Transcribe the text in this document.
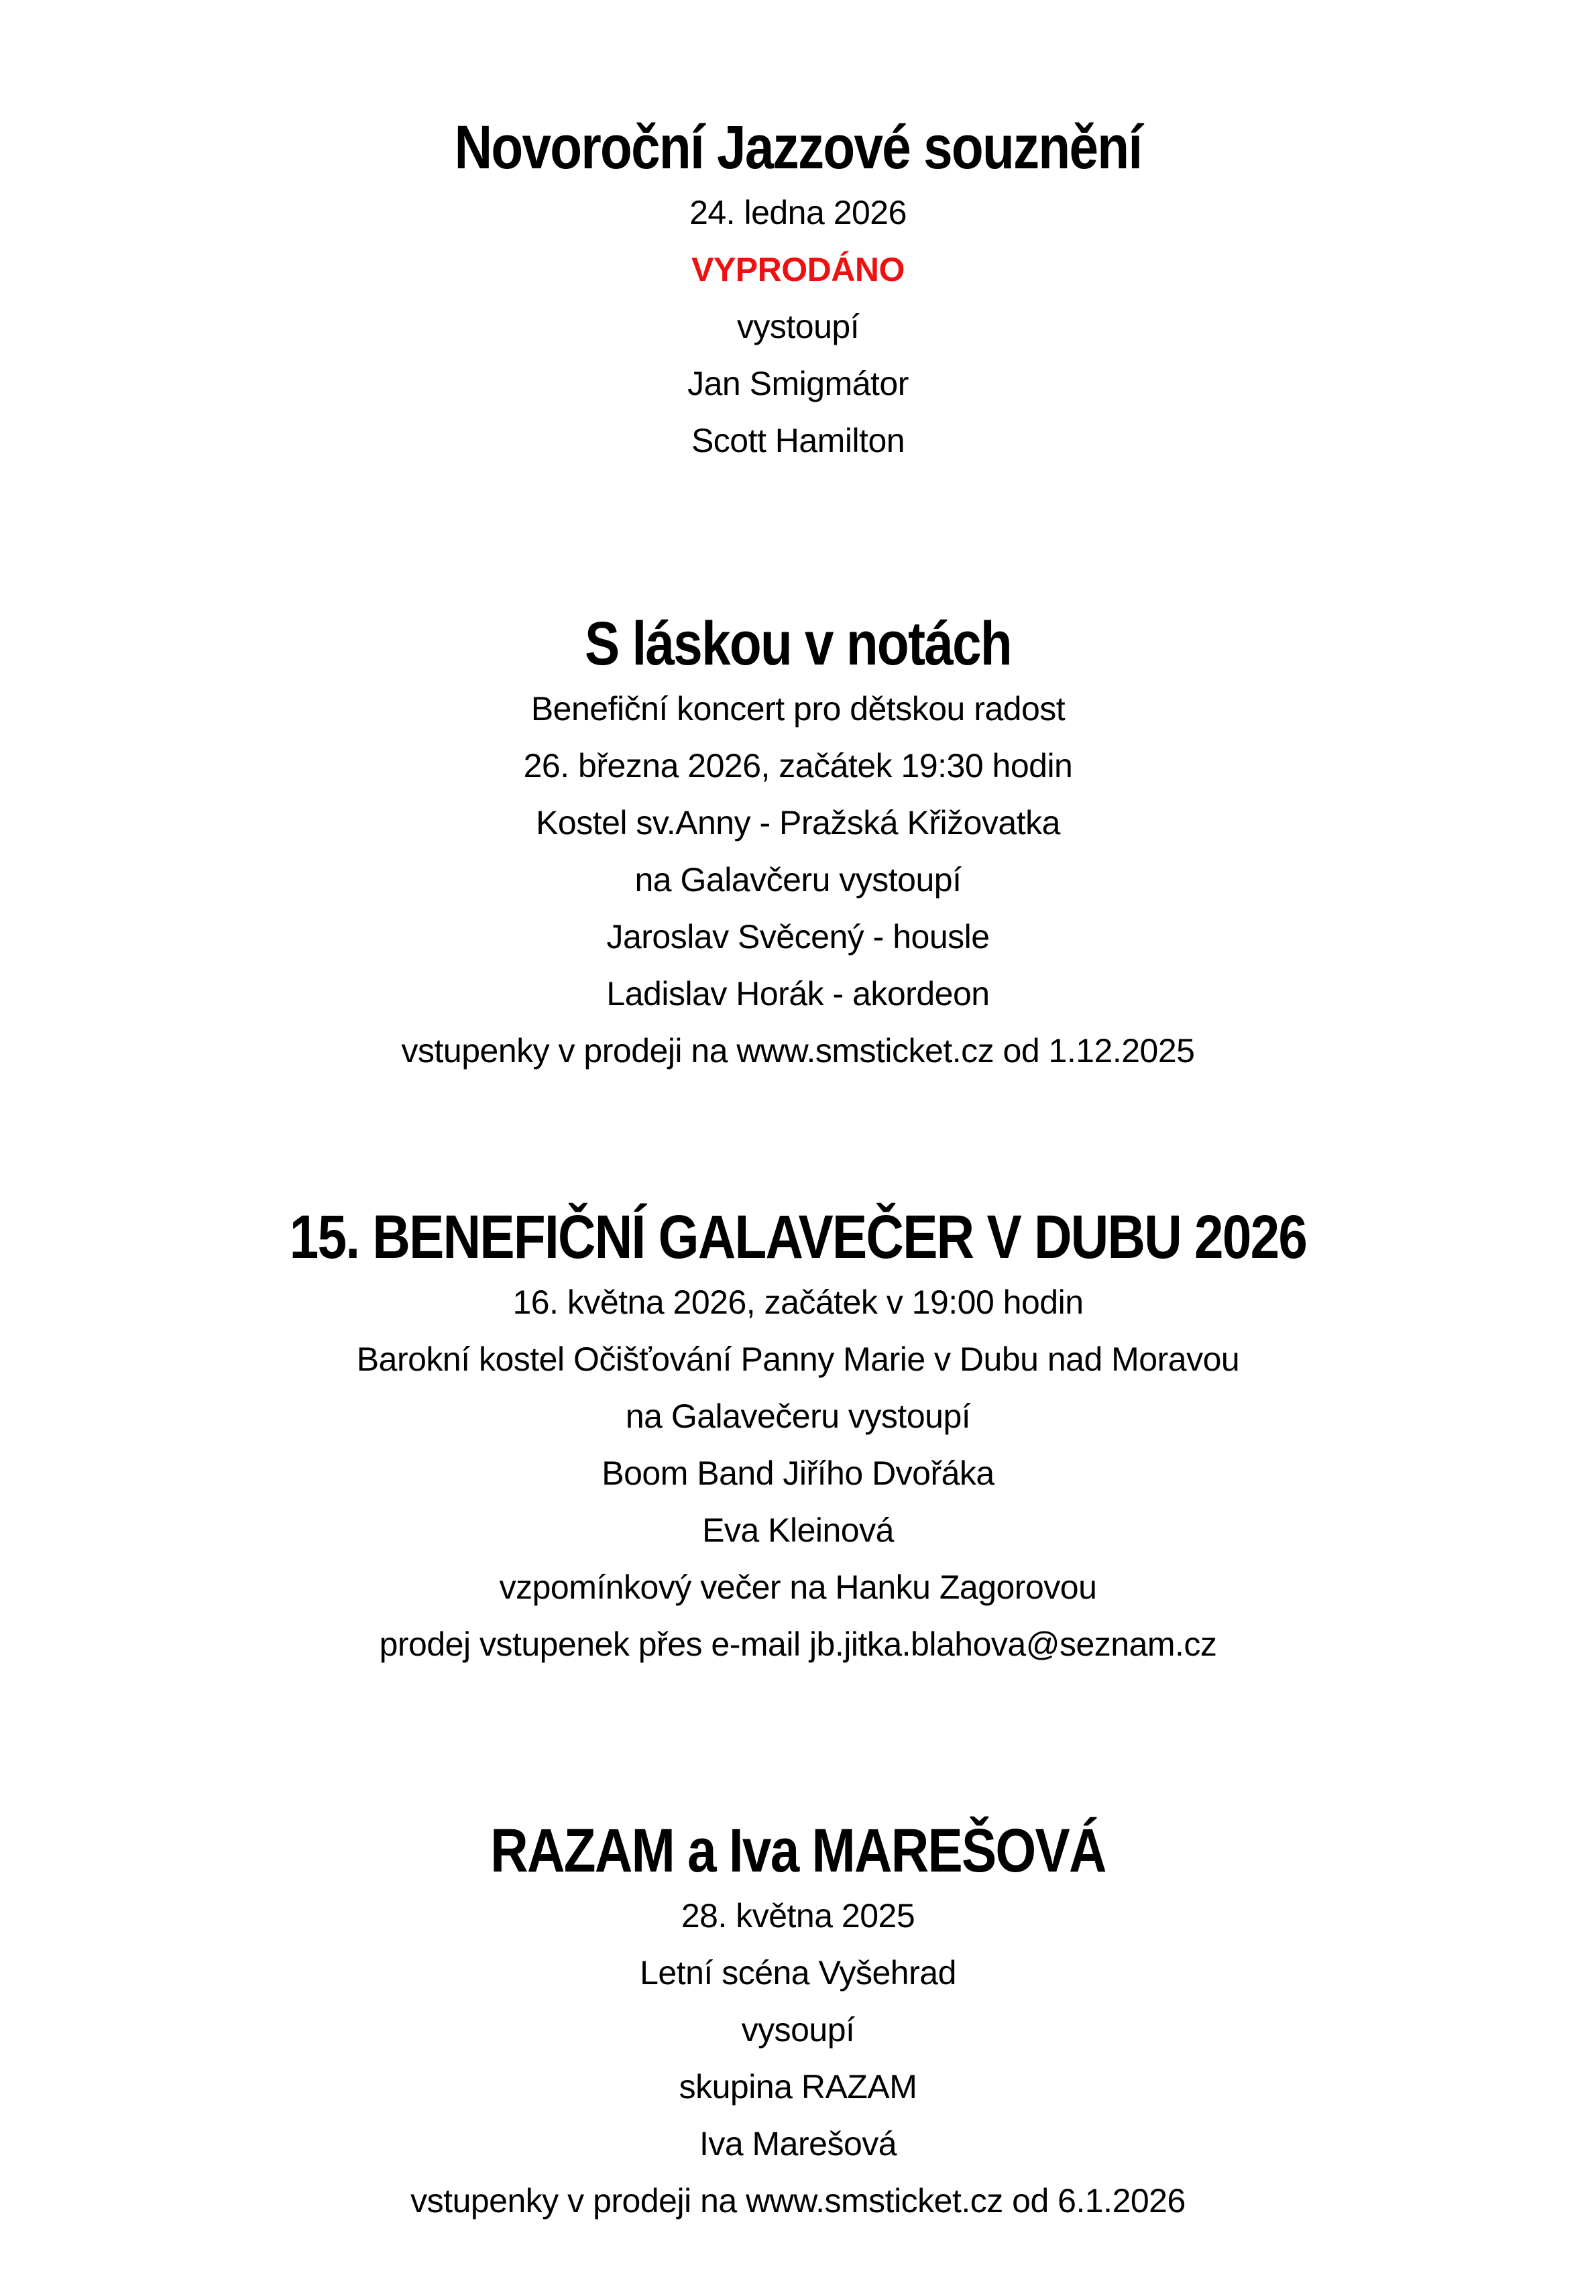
Novoroční Jazzové souznění

24. ledna 2026

VYPRODÁNO

vystoupí

Jan Smigmátor

Scott Hamilton

S láskou v notách

Benefiční koncert pro dětskou radost

26. března 2026, začátek 19:30 hodin

Kostel sv.Anny - Pražská Křižovatka

na Galavčeru vystoupí

Jaroslav Svěcený - housle

Ladislav Horák - akordeon

vstupenky v prodeji na www.smsticket.cz od 1.12.2025

15. BENEFIČNÍ GALAVEČER V DUBU 2026

16. května 2026, začátek v 19:00 hodin

Barokní kostel Očišťování Panny Marie v Dubu nad Moravou

na Galavečeru vystoupí

Boom Band Jiřího Dvořáka

Eva Kleinová

vzpomínkový večer na Hanku Zagorovou

prodej vstupenek přes e-mail jb.jitka.blahova@seznam.cz

RAZAM a Iva MAREŠOVÁ

28. května 2025

Letní scéna Vyšehrad

vysoupí

skupina RAZAM

Iva Marešová

vstupenky v prodeji na www.smsticket.cz od 6.1.2026
